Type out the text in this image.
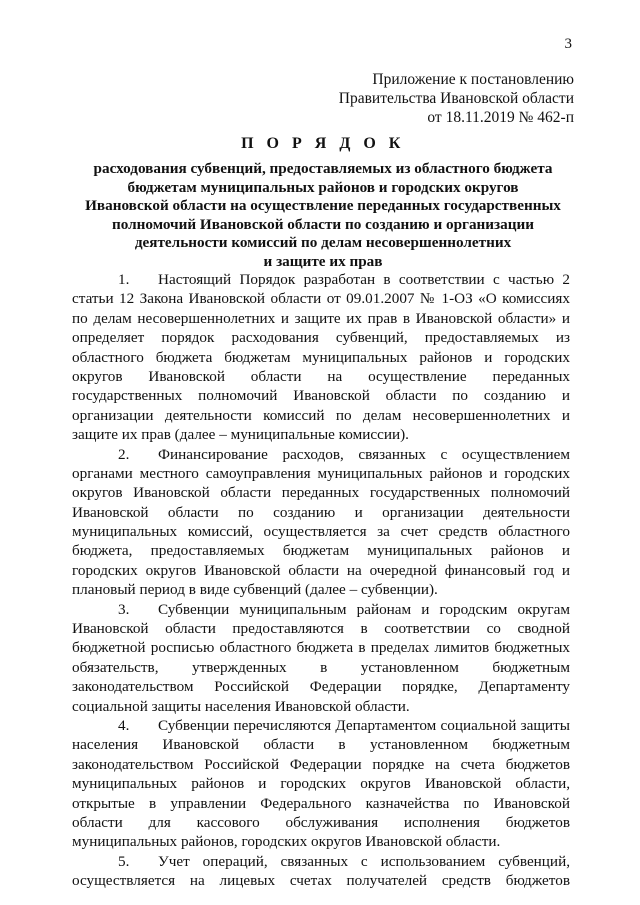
3
Приложение к постановлению
Правительства Ивановской области
от 18.11.2019 № 462-п
П О Р Я Д О К
расходования субвенций, предоставляемых из областного бюджета
бюджетам муниципальных районов и городских округов
Ивановской области на осуществление переданных государственных
полномочий Ивановской области по созданию и организации
деятельности комиссий по делам несовершеннолетних
и защите их прав
1. Настоящий Порядок разработан в соответствии с частью 2
статьи 12 Закона Ивановской области от 09.01.2007 № 1-ОЗ «О комиссиях
по делам несовершеннолетних и защите их прав в Ивановской области» и
определяет порядок расходования субвенций, предоставляемых из
областного бюджета бюджетам муниципальных районов и городских
округов Ивановской области на осуществление переданных
государственных полномочий Ивановской области по созданию и
организации деятельности комиссий по делам несовершеннолетних и
защите их прав (далее – муниципальные комиссии).
2. Финансирование расходов, связанных с осуществлением
органами местного самоуправления муниципальных районов и городских
округов Ивановской области переданных государственных полномочий
Ивановской области по созданию и организации деятельности
муниципальных комиссий, осуществляется за счет средств областного
бюджета, предоставляемых бюджетам муниципальных районов и
городских округов Ивановской области на очередной финансовый год и
плановый период в виде субвенций (далее – субвенции).
3. Субвенции муниципальным районам и городским округам
Ивановской области предоставляются в соответствии со сводной
бюджетной росписью областного бюджета в пределах лимитов бюджетных
обязательств, утвержденных в установленном бюджетным
законодательством Российской Федерации порядке, Департаменту
социальной защиты населения Ивановской области.
4. Субвенции перечисляются Департаментом социальной защиты
населения Ивановской области в установленном бюджетным
законодательством Российской Федерации порядке на счета бюджетов
муниципальных районов и городских округов Ивановской области,
открытые в управлении Федерального казначейства по Ивановской
области для кассового обслуживания исполнения бюджетов
муниципальных районов, городских округов Ивановской области.
5. Учет операций, связанных с использованием субвенций,
осуществляется на лицевых счетах получателей средств бюджетов
